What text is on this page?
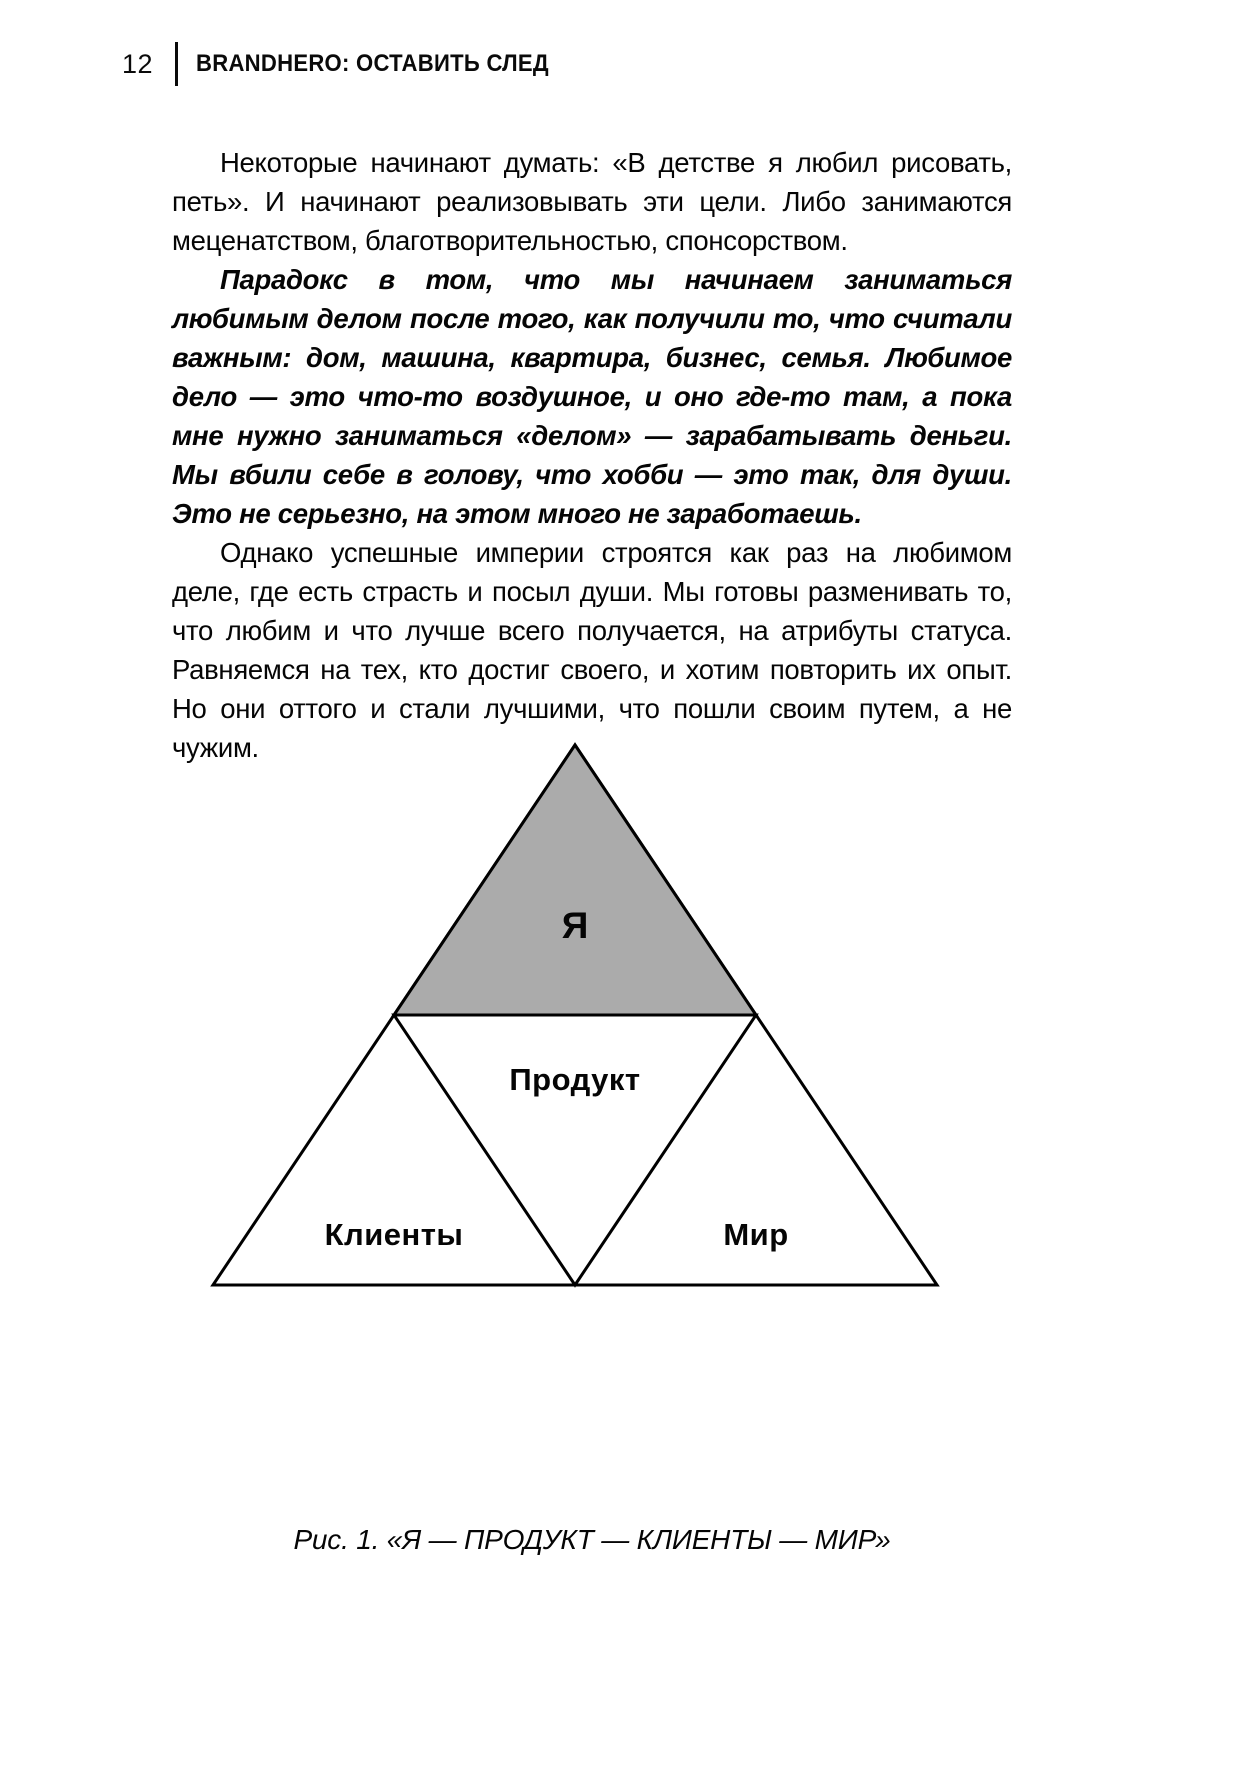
12 BRANDHERO: ОСТАВИТЬ СЛЕД

Некоторые начинают думать: «В детстве я любил рисовать, петь». И начинают реализовывать эти цели. Либо занимаются меценатством, благотворительностью, спонсорством.

Парадокс в том, что мы начинаем заниматься любимым делом после того, как получили то, что считали важным: дом, машина, квартира, бизнес, семья. Любимое дело — это что-то воздушное, и оно где-то там, а пока мне нужно заниматься «делом» — зарабатывать деньги. Мы вбили себе в голову, что хобби — это так, для души. Это не серьезно, на этом много не заработаешь.

Однако успешные империи строятся как раз на любимом деле, где есть страсть и посыл души. Мы готовы разменивать то, что любим и что лучше всего получается, на атрибуты статуса. Равняемся на тех, кто достиг своего, и хотим повторить их опыт. Но они оттого и стали лучшими, что пошли своим путем, а не чужим.

Я
Продукт
Клиенты	Мир
Рис. 1. «Я — ПРОДУКТ — КЛИЕНТЫ — МИР»
